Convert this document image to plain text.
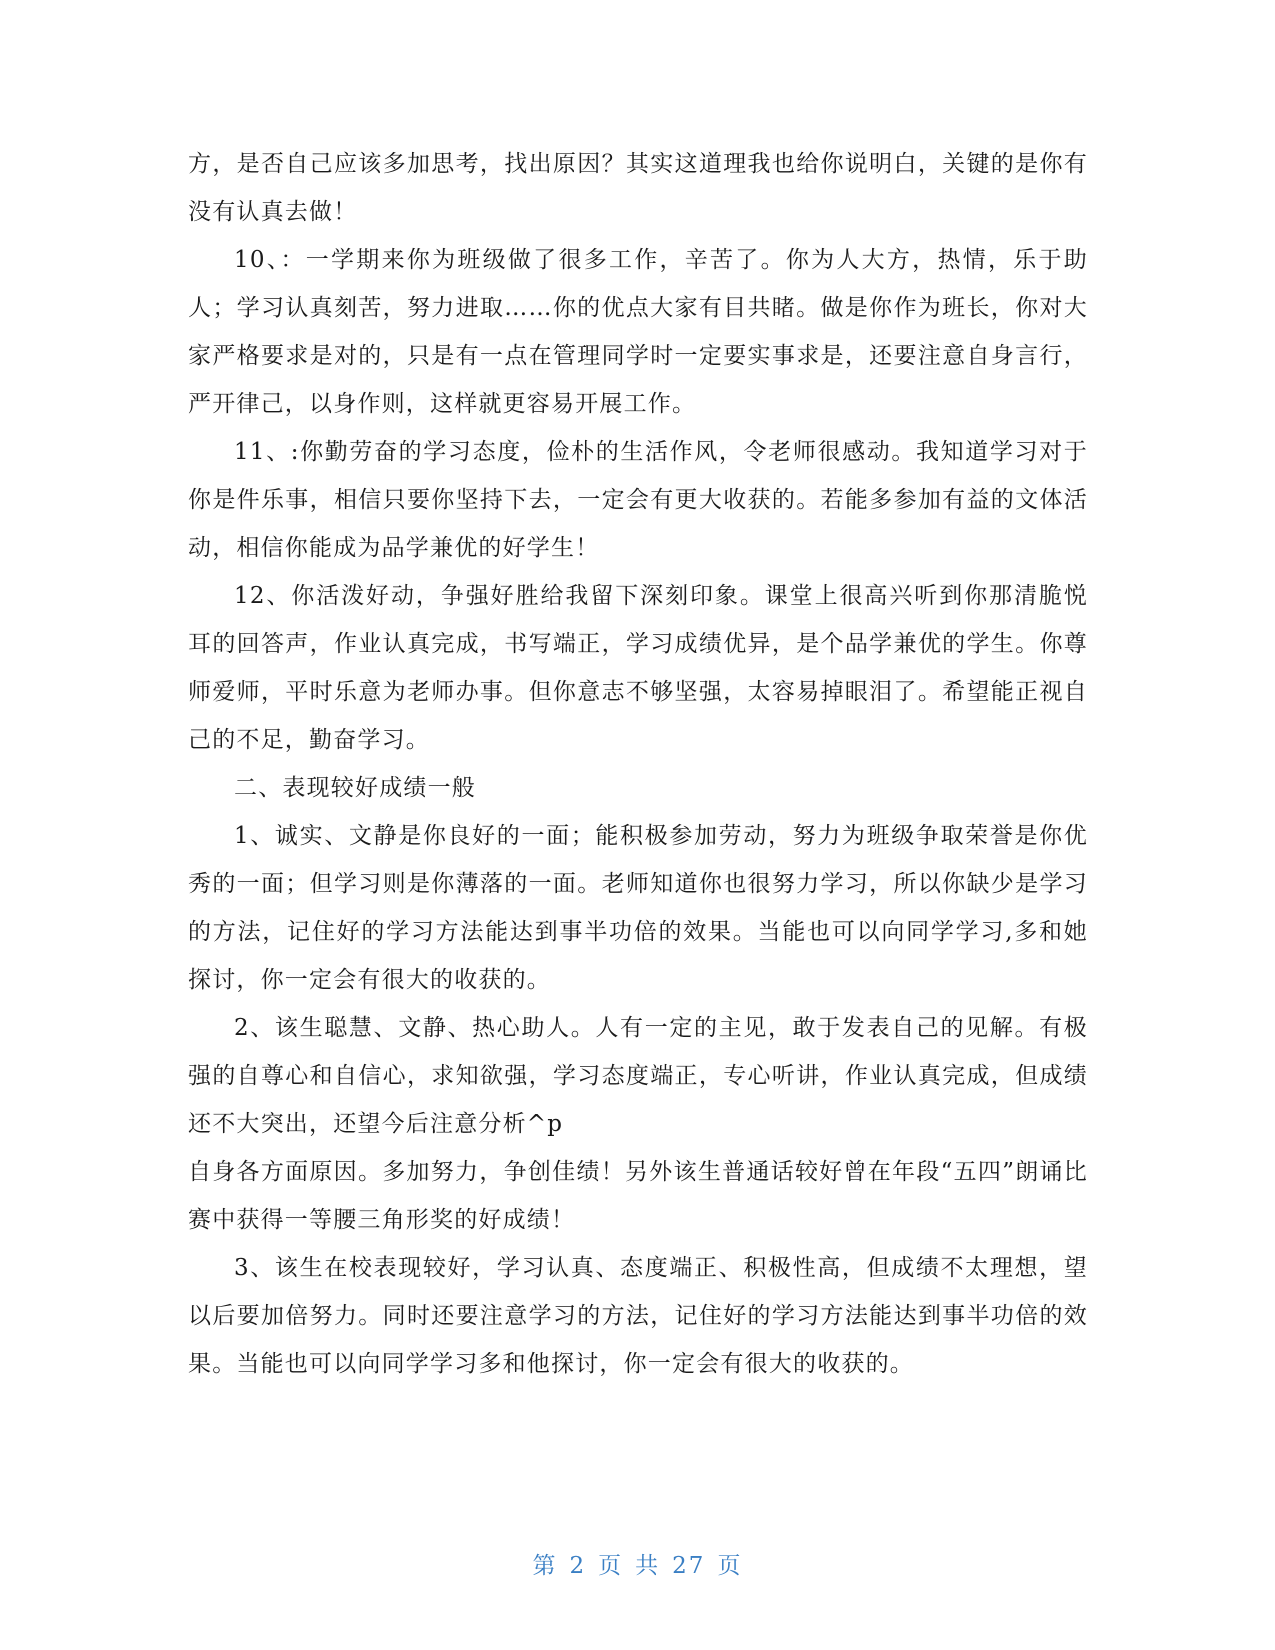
方，是否自己应该多加思考，找出原因？其实这道理我也给你说明白，关键的是你有没有认真去做！

10、：一学期来你为班级做了很多工作，辛苦了。你为人大方，热情，乐于助人；学习认真刻苦，努力进取……你的优点大家有目共睹。做是你作为班长，你对大家严格要求是对的，只是有一点在管理同学时一定要实事求是，还要注意自身言行，严开律己，以身作则，这样就更容易开展工作。

11、:你勤劳奋的学习态度，俭朴的生活作风，令老师很感动。我知道学习对于你是件乐事，相信只要你坚持下去，一定会有更大收获的。若能多参加有益的文体活动，相信你能成为品学兼优的好学生！

12、你活泼好动，争强好胜给我留下深刻印象。课堂上很高兴听到你那清脆悦耳的回答声，作业认真完成，书写端正，学习成绩优异，是个品学兼优的学生。你尊师爱师，平时乐意为老师办事。但你意志不够坚强，太容易掉眼泪了。希望能正视自己的不足，勤奋学习。

二、表现较好成绩一般

1、诚实、文静是你良好的一面；能积极参加劳动，努力为班级争取荣誉是你优秀的一面；但学习则是你薄落的一面。老师知道你也很努力学习，所以你缺少是学习的方法，记住好的学习方法能达到事半功倍的效果。当能也可以向同学学习,多和她探讨，你一定会有很大的收获的。

2、该生聪慧、文静、热心助人。人有一定的主见，敢于发表自己的见解。有极强的自尊心和自信心，求知欲强，学习态度端正，专心听讲，作业认真完成，但成绩还不大突出，还望今后注意分析^p

自身各方面原因。多加努力，争创佳绩！另外该生普通话较好曾在年段“五四”朗诵比赛中获得一等腰三角形奖的好成绩！

3、该生在校表现较好，学习认真、态度端正、积极性高，但成绩不太理想，望以后要加倍努力。同时还要注意学习的方法，记住好的学习方法能达到事半功倍的效果。当能也可以向同学学习多和他探讨，你一定会有很大的收获的。

第 2 页 共 27 页
